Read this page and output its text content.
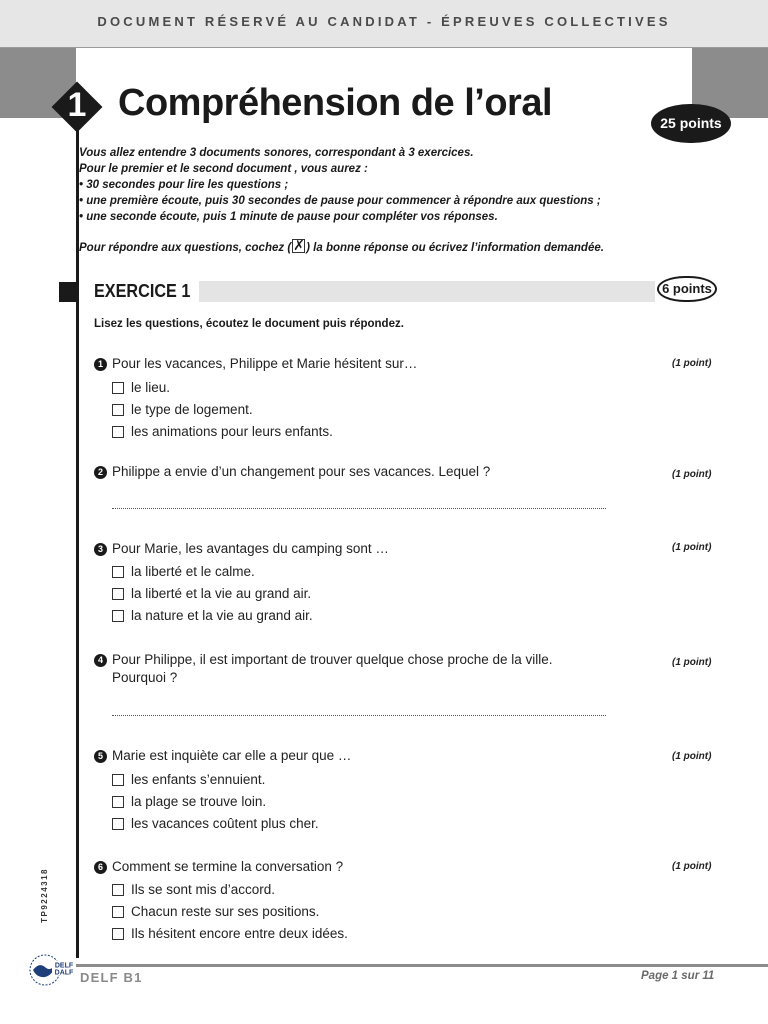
DOCUMENT RÉSERVÉ AU CANDIDAT - ÉPREUVES COLLECTIVES
1 Compréhension de l’oral	25 points
Vous allez entendre 3 documents sonores, correspondant à 3 exercices.
Pour le premier et le second document , vous aurez :
• 30 secondes pour lire les questions ;
• une première écoute, puis 30 secondes de pause pour commencer à répondre aux questions ;
• une seconde écoute, puis 1 minute de pause pour compléter vos réponses.
Pour répondre aux questions, cochez (✗ ) la bonne réponse ou écrivez l’information demandée.
EXERCICE 1	6 points
Lisez les questions, écoutez le document puis répondez.
1 Pour les vacances, Philippe et Marie hésitent sur…	(1 point)
le lieu.
le type de logement.
les animations pour leurs enfants.
2 Philippe a envie d’un changement pour ses vacances. Lequel ?	(1 point)
3 Pour Marie, les avantages du camping sont …	(1 point)
la liberté et le calme.
la liberté et la vie au grand air.
la nature et la vie au grand air.
4 Pour Philippe, il est important de trouver quelque chose proche de la ville.
Pourquoi ?
(1 point)
5 Marie est inquiète car elle a peur que …	(1 point)
les enfants s’ennuient.
la plage se trouve loin.
les vacances coûtent plus cher.
6 Comment se termine la conversation ?	(1 point)
Ils se sont mis d’accord.
Chacun reste sur ses positions.
Ils hésitent encore entre deux idées.
TP9224318
DELF
DALF DELF B1	Page 1 sur 11
